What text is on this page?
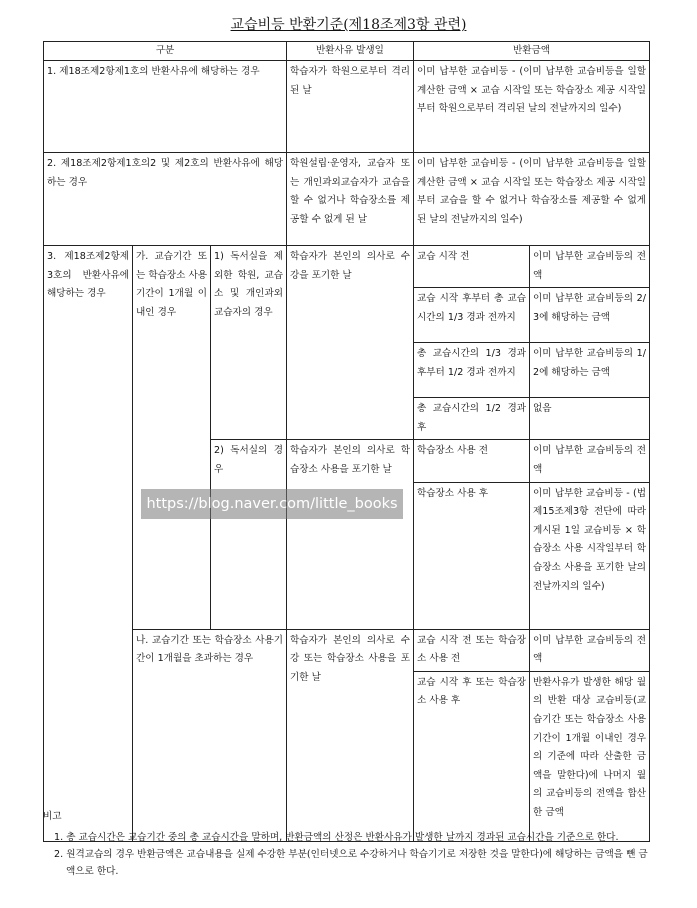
교습비등 반환기준(제18조제3항 관련)
구분			반환사유 발생일	반환금액	
1. 제18조제2항제1호의 반환사유에 해당하는 경우			학습자가 학원으로부터 격리된 날	이미 납부한 교습비등 - (이미 납부한 교습비등을 일할계산한 금액 × 교습 시작일 또는 학습장소 제공 시작일부터 학원으로부터 격리된 날의 전날까지의 일수)	
2. 제18조제2항제1호의2 및 제2호의 반환사유에 해당하는 경우			학원설립·운영자, 교습자 또는 개인과외교습자가 교습을 할 수 없거나 학습장소를 제공할 수 없게 된 날	이미 납부한 교습비등 - (이미 납부한 교습비등을 일할계산한 금액 × 교습 시작일 또는 학습장소 제공 시작일부터 교습을 할 수 없거나 학습장소를 제공할 수 없게 된 날의 전날까지의 일수)	
3. 제18조제2항제3호의 반환사유에 해당하는 경우	가. 교습기간 또는 학습장소 사용기간이 1개월 이내인 경우	1) 독서실을 제외한 학원, 교습소 및 개인과외교습자의 경우	학습자가 본인의 의사로 수강을 포기한 날	교습 시작 전	이미 납부한 교습비등의 전액
				교습 시작 후부터 총 교습시간의 1/3 경과 전까지	이미 납부한 교습비등의 2/3에 해당하는 금액
				총 교습시간의 1/3 경과 후부터 1/2 경과 전까지	이미 납부한 교습비등의 1/2에 해당하는 금액
				총 교습시간의 1/2 경과 후	없음
		2) 독서실의 경우	학습자가 본인의 의사로 학습장소 사용을 포기한 날	학습장소 사용 전	이미 납부한 교습비등의 전액
				학습장소 사용 후	이미 납부한 교습비등 - (법 제15조제3항 전단에 따라 게시된 1일 교습비등 × 학습장소 사용 시작일부터 학습장소 사용을 포기한 날의 전날까지의 일수)
	나. 교습기간 또는 학습장소 사용기간이 1개월을 초과하는 경우		학습자가 본인의 의사로 수강 또는 학습장소 사용을 포기한 날	교습 시작 전 또는 학습장소 사용 전	이미 납부한 교습비등의 전액
				교습 시작 후 또는 학습장소 사용 후	반환사유가 발생한 해당 월의 반환 대상 교습비등(교습기간 또는 학습장소 사용기간이 1개월 이내인 경우의 기준에 따라 산출한 금액을 말한다)에 나머지 월의 교습비등의 전액을 합산한 금액
https://blog.naver.com/little_books
비고
1. 총 교습시간은 교습기간 중의 총 교습시간을 말하며, 반환금액의 산정은 반환사유가 발생한 날까지 경과된 교습시간을 기준으로 한다.
2. 원격교습의 경우 반환금액은 교습내용을 실제 수강한 부분(인터넷으로 수강하거나 학습기기로 저장한 것을 말한다)에 해당하는 금액을 뺀 금액으로 한다.
